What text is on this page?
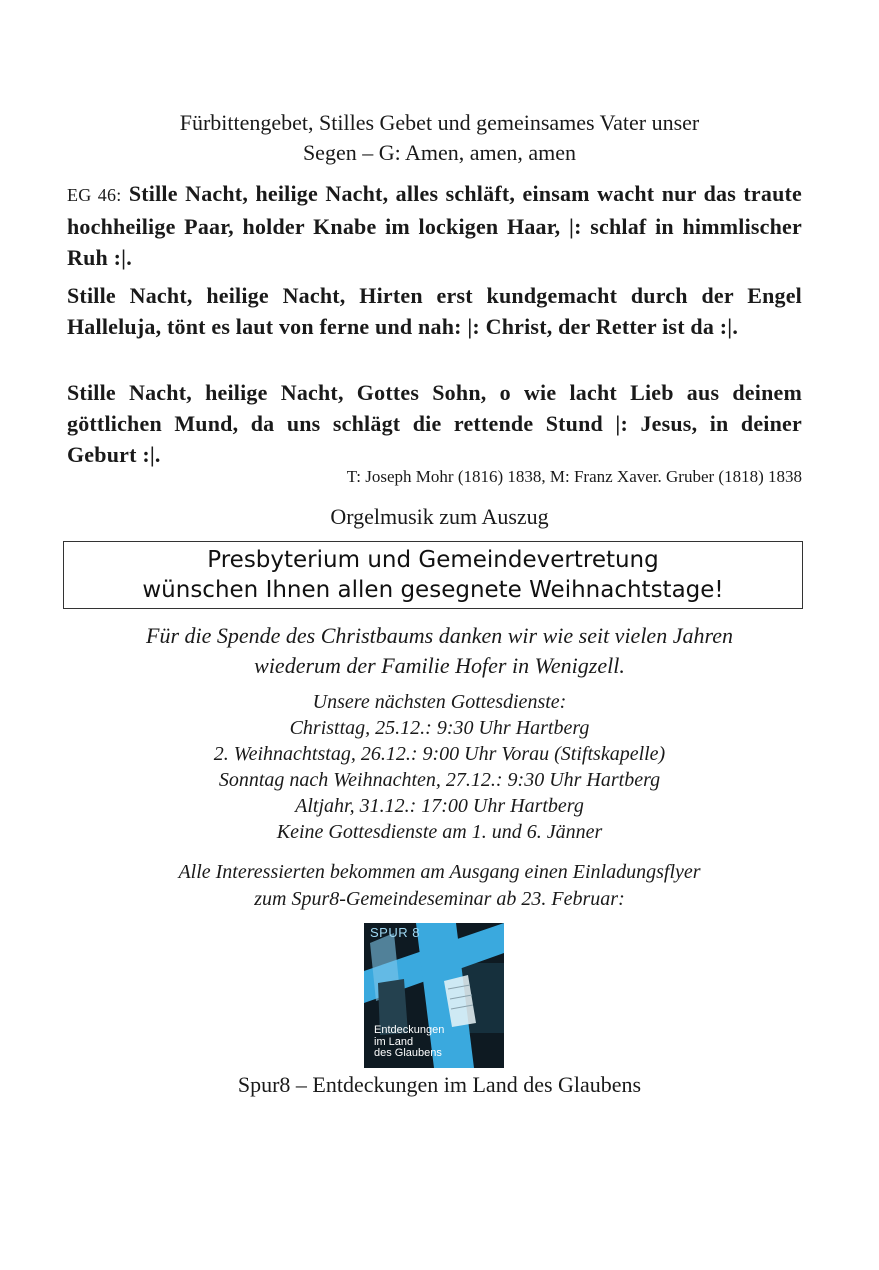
Fürbittengebet, Stilles Gebet und gemeinsames Vater unser
Segen – G: Amen, amen, amen
EG 46: Stille Nacht, heilige Nacht, alles schläft, einsam wacht nur das traute hochheilige Paar, holder Knabe im lockigen Haar, |: schlaf in himmlischer Ruh :|.
Stille Nacht, heilige Nacht, Hirten erst kundgemacht durch der Engel Halleluja, tönt es laut von ferne und nah: |: Christ, der Retter ist da :|.
Stille Nacht, heilige Nacht, Gottes Sohn, o wie lacht Lieb aus deinem göttlichen Mund, da uns schlägt die rettende Stund |: Jesus, in deiner Geburt :|.
T: Joseph Mohr (1816) 1838, M: Franz Xaver. Gruber (1818) 1838
Orgelmusik zum Auszug
Presbyterium und Gemeindevertretung
wünschen Ihnen allen gesegnete Weihnachtstage!
Für die Spende des Christbaums danken wir wie seit vielen Jahren
wiederum der Familie Hofer in Wenigzell.
Unsere nächsten Gottesdienste:
Christtag, 25.12.: 9:30 Uhr Hartberg
2. Weihnachtstag, 26.12.: 9:00 Uhr Vorau (Stiftskapelle)
Sonntag nach Weihnachten, 27.12.: 9:30 Uhr Hartberg
Altjahr, 31.12.: 17:00 Uhr Hartberg
Keine Gottesdienste am 1. und 6. Jänner
Alle Interessierten bekommen am Ausgang einen Einladungsflyer
zum Spur8-Gemeindeseminar ab 23. Februar:
SPUR 8
Entdeckungen
im Land
des Glaubens
Spur8 – Entdeckungen im Land des Glaubens
